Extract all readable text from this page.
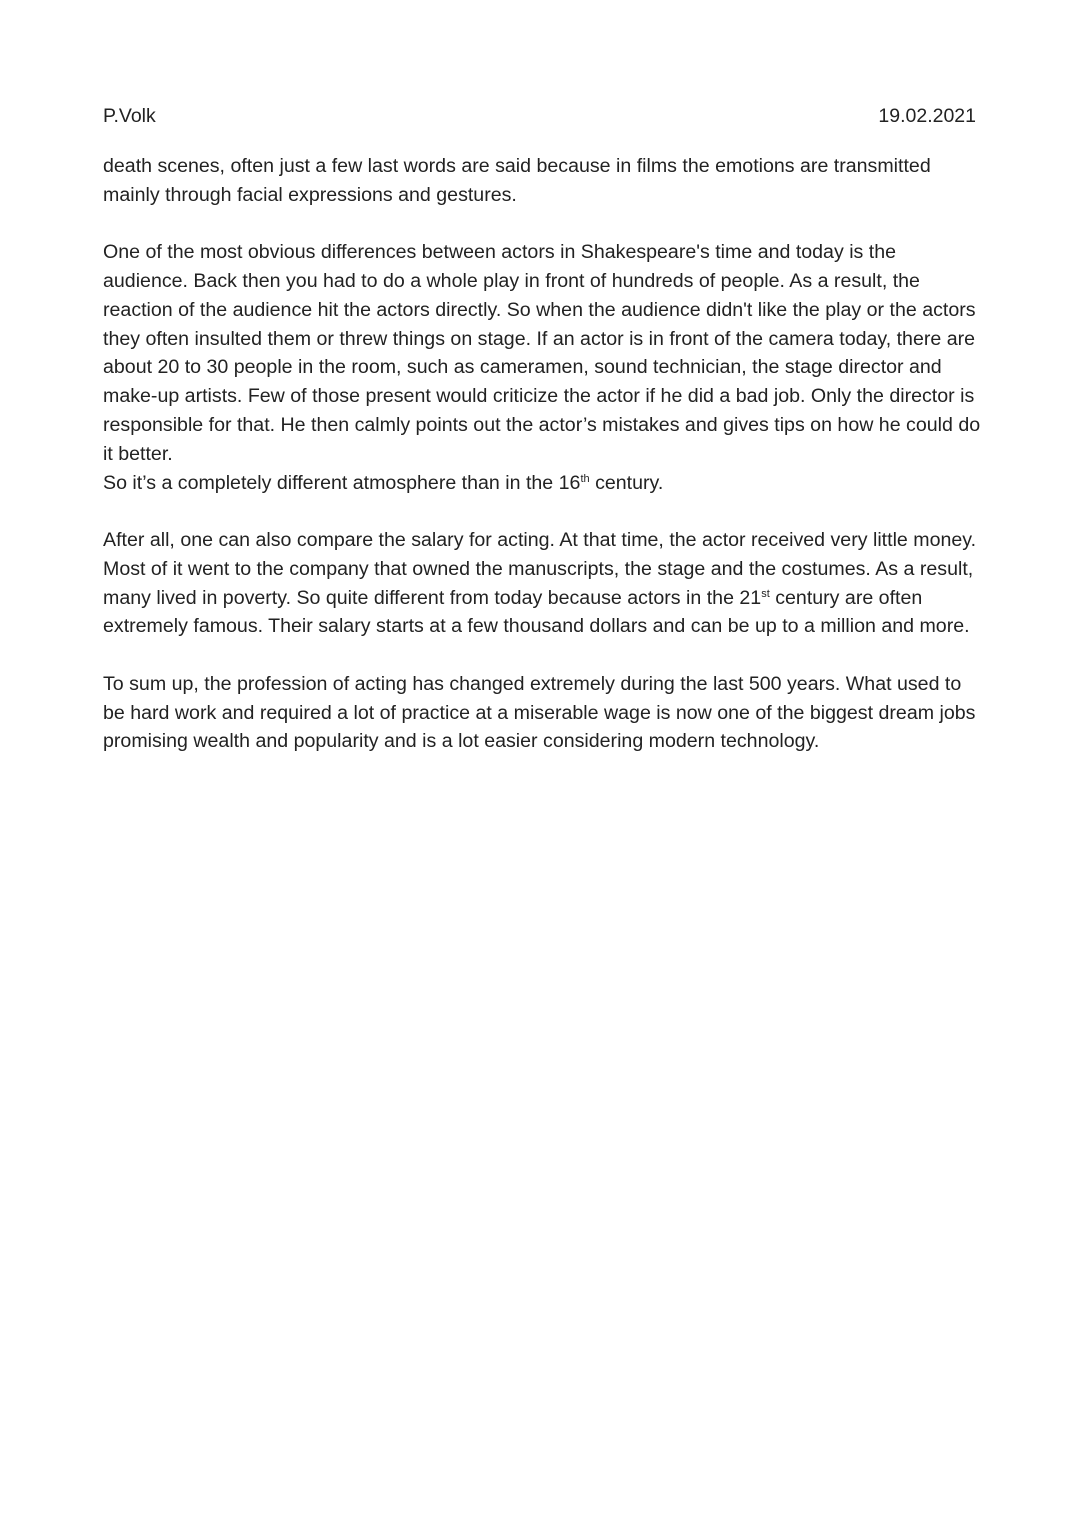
P.Volk	19.02.2021

death scenes, often just a few last words are said because in films the emotions are transmitted mainly through facial expressions and gestures.

One of the most obvious differences between actors in Shakespeare's time and today is the audience. Back then you had to do a whole play in front of hundreds of people. As a result, the reaction of the audience hit the actors directly. So when the audience didn't like the play or the actors they often insulted them or threw things on stage. If an actor is in front of the camera today, there are about 20 to 30 people in the room, such as cameramen, sound technician, the stage director and make-up artists. Few of those present would criticize the actor if he did a bad job. Only the director is responsible for that. He then calmly points out the actor’s mistakes and gives tips on how he could do it better.
So it’s a completely different atmosphere than in the 16th century.

After all, one can also compare the salary for acting. At that time, the actor received very little money. Most of it went to the company that owned the manuscripts, the stage and the costumes. As a result, many lived in poverty. So quite different from today because actors in the 21st century are often extremely famous. Their salary starts at a few thousand dollars and can be up to a million and more.

To sum up, the profession of acting has changed extremely during the last 500 years. What used to be hard work and required a lot of practice at a miserable wage is now one of the biggest dream jobs promising wealth and popularity and is a lot easier considering modern technology.
